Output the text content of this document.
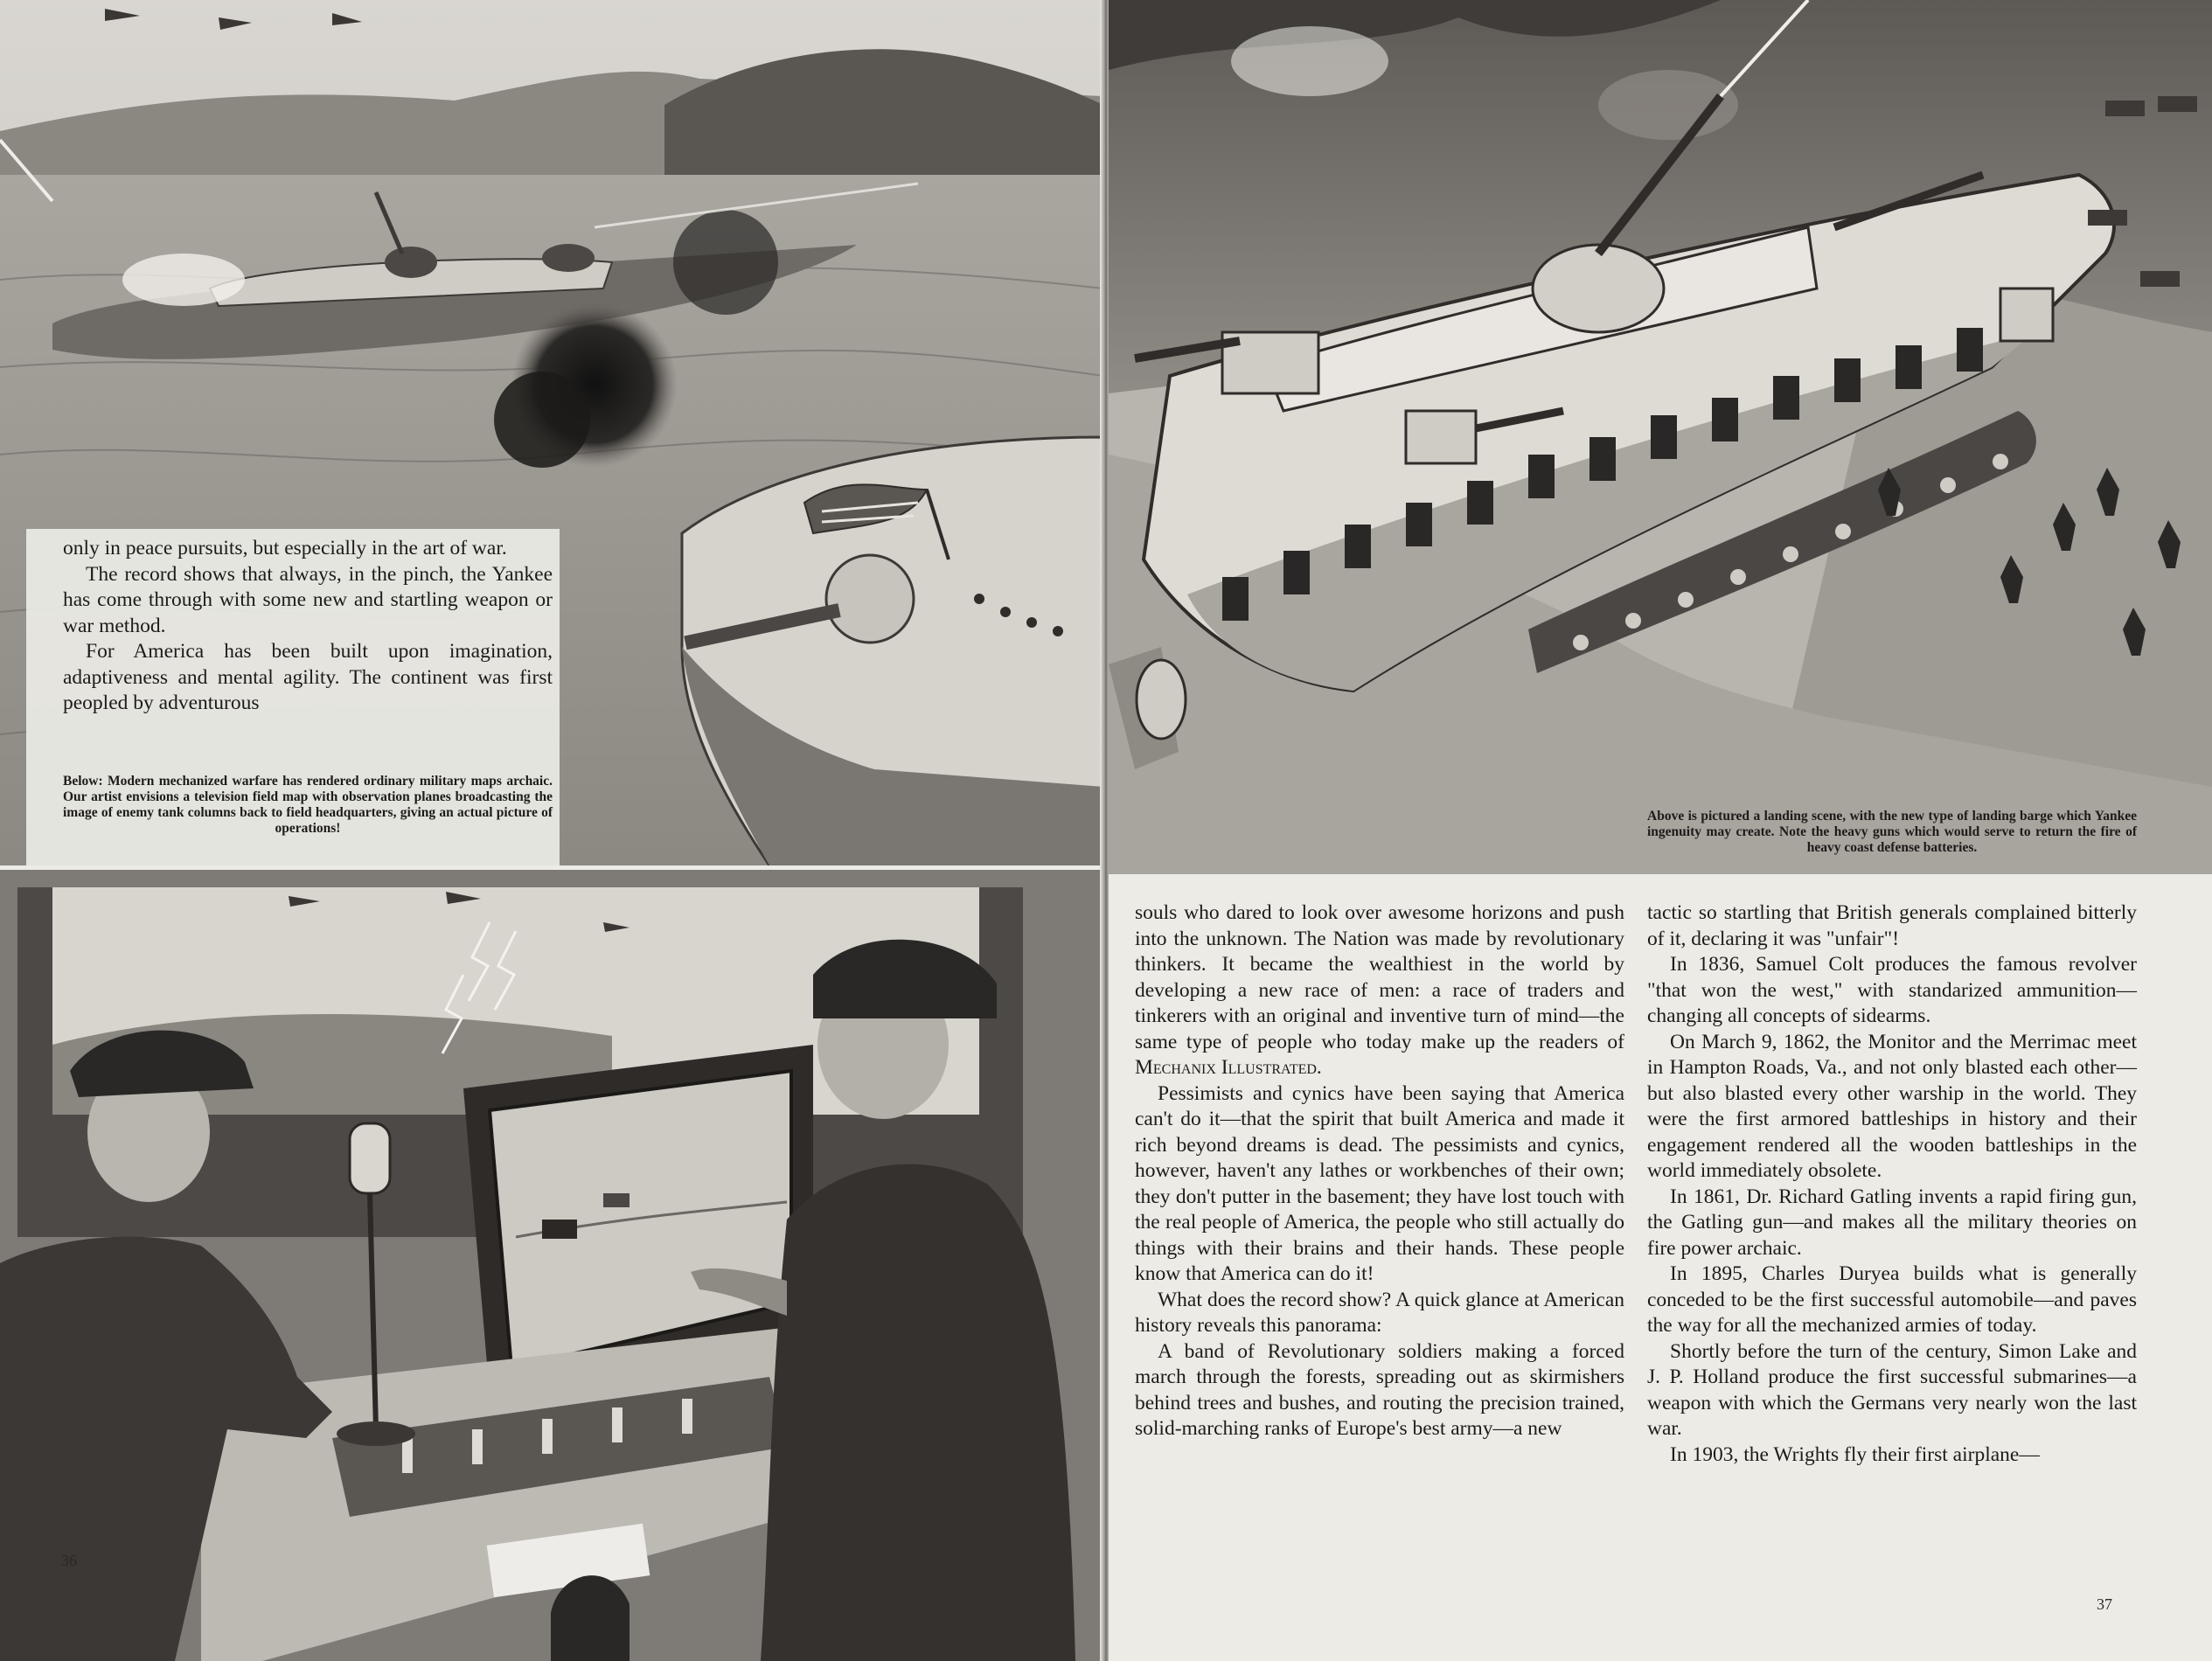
only in peace pursuits, but especially in the art of war.

The record shows that always, in the pinch, the Yankee has come through with some new and startling weapon or war method.

For America has been built upon imagination, adaptiveness and mental agility. The continent was first peopled by adventurous

Below: Modern mechanized warfare has rendered ordinary military maps archaic. Our artist envisions a television field map with observation planes broadcasting the image of enemy tank columns back to field headquarters, giving an actual picture of operations!
36
Above is pictured a landing scene, with the new type of landing barge which Yankee ingenuity may create. Note the heavy guns which would serve to return the fire of heavy coast defense batteries.

souls who dared to look over awesome horizons and push into the unknown. The Nation was made by revolutionary thinkers. It became the wealthiest in the world by developing a new race of men: a race of traders and tinkerers with an original and inventive turn of mind—the same type of people who today make up the readers of Mechanix Illustrated.

Pessimists and cynics have been saying that America can't do it—that the spirit that built America and made it rich beyond dreams is dead. The pessimists and cynics, however, haven't any lathes or workbenches of their own; they don't putter in the basement; they have lost touch with the real people of America, the people who still actually do things with their brains and their hands. These people know that America can do it!

What does the record show? A quick glance at American history reveals this panorama:

A band of Revolutionary soldiers making a forced march through the forests, spreading out as skirmishers behind trees and bushes, and routing the precision trained, solid-marching ranks of Europe's best army—a new

tactic so startling that British generals complained bitterly of it, declaring it was "unfair"!

In 1836, Samuel Colt produces the famous revolver "that won the west," with standarized ammunition—changing all concepts of sidearms.

On March 9, 1862, the Monitor and the Merrimac meet in Hampton Roads, Va., and not only blasted each other—but also blasted every other warship in the world. They were the first armored battleships in history and their engagement rendered all the wooden battleships in the world immediately obsolete.

In 1861, Dr. Richard Gatling invents a rapid firing gun, the Gatling gun—and makes all the military theories on fire power archaic.

In 1895, Charles Duryea builds what is generally conceded to be the first successful automobile—and paves the way for all the mechanized armies of today.

Shortly before the turn of the century, Simon Lake and J. P. Holland produce the first successful submarines—a weapon with which the Germans very nearly won the last war.

In 1903, the Wrights fly their first airplane—

37
